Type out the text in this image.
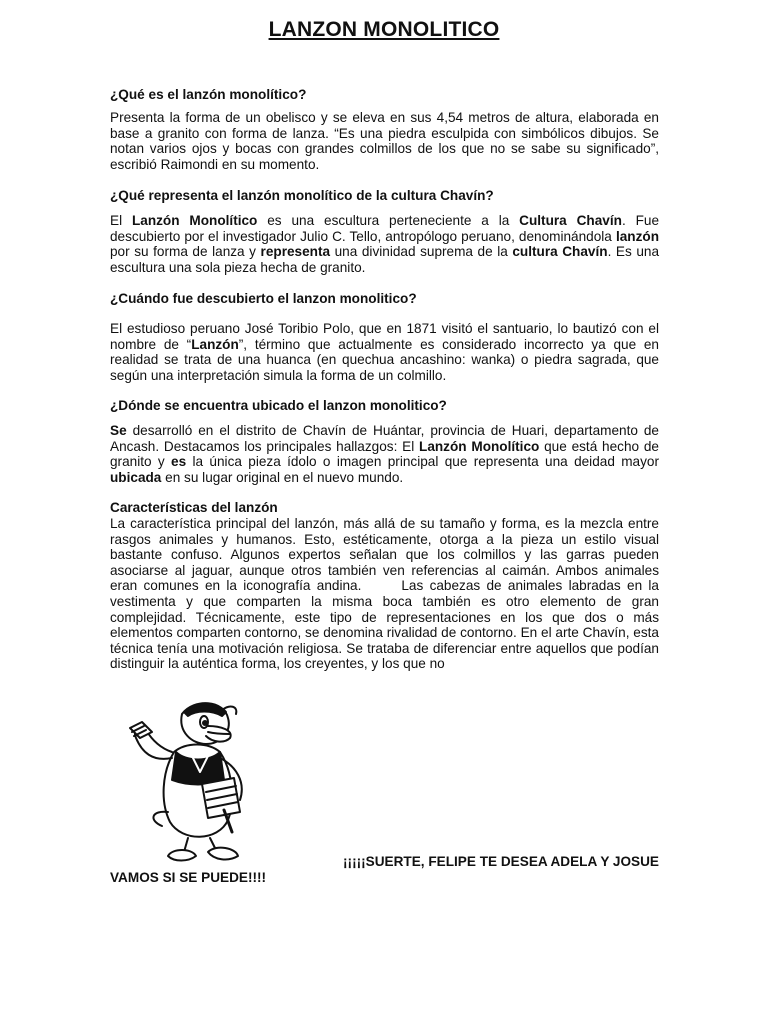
LANZON MONOLITICO
¿Qué es el lanzón monolítico?

Presenta la forma de un obelisco y se eleva en sus 4,54 metros de altura, elaborada en base a granito con forma de lanza. “Es una piedra esculpida con simbólicos dibujos. Se notan varios ojos y bocas con grandes colmillos de los que no se sabe su significado”, escribió Raimondi en su momento.

¿Qué representa el lanzón monolítico de la cultura Chavín?

El Lanzón Monolítico es una escultura perteneciente a la Cultura Chavín. Fue descubierto por el investigador Julio C. Tello, antropólogo peruano, denominándola lanzón por su forma de lanza y representa una divinidad suprema de la cultura Chavín. Es una escultura una sola pieza hecha de granito.

¿Cuándo fue descubierto el lanzon monolitico?

El estudioso peruano José Toribio Polo, que en 1871 visitó el santuario, lo bautizó con el nombre de “Lanzón”, término que actualmente es considerado incorrecto ya que en realidad se trata de una huanca (en quechua ancashino: wanka) o piedra sagrada, que según una interpretación simula la forma de un colmillo.

¿Dónde se encuentra ubicado el lanzon monolitico?

Se desarrolló en el distrito de Chavín de Huántar, provincia de Huari, departamento de Ancash. Destacamos los principales hallazgos: El Lanzón Monolítico que está hecho de granito y es la única pieza ídolo o imagen principal que representa una deidad mayor ubicada en su lugar original en el nuevo mundo.

Características del lanzón

La característica principal del lanzón, más allá de su tamaño y forma, es la mezcla entre rasgos animales y humanos. Esto, estéticamente, otorga a la pieza un estilo visual bastante confuso. Algunos expertos señalan que los colmillos y las garras pueden asociarse al jaguar, aunque otros también ven referencias al caimán. Ambos animales eran comunes en la iconografía andina.	Las cabezas de animales labradas en la vestimenta y que comparten la misma boca también es otro elemento de gran complejidad. Técnicamente, este tipo de representaciones en los que dos o más elementos comparten contorno, se denomina rivalidad de contorno. En el arte Chavín, esta técnica tenía una motivación religiosa. Se trataba de diferenciar entre aquellos que podían distinguir la auténtica forma, los creyentes, y los que no

¡¡¡¡¡SUERTE, FELIPE TE DESEA ADELA Y JOSUE
VAMOS SI SE PUEDE!!!!
